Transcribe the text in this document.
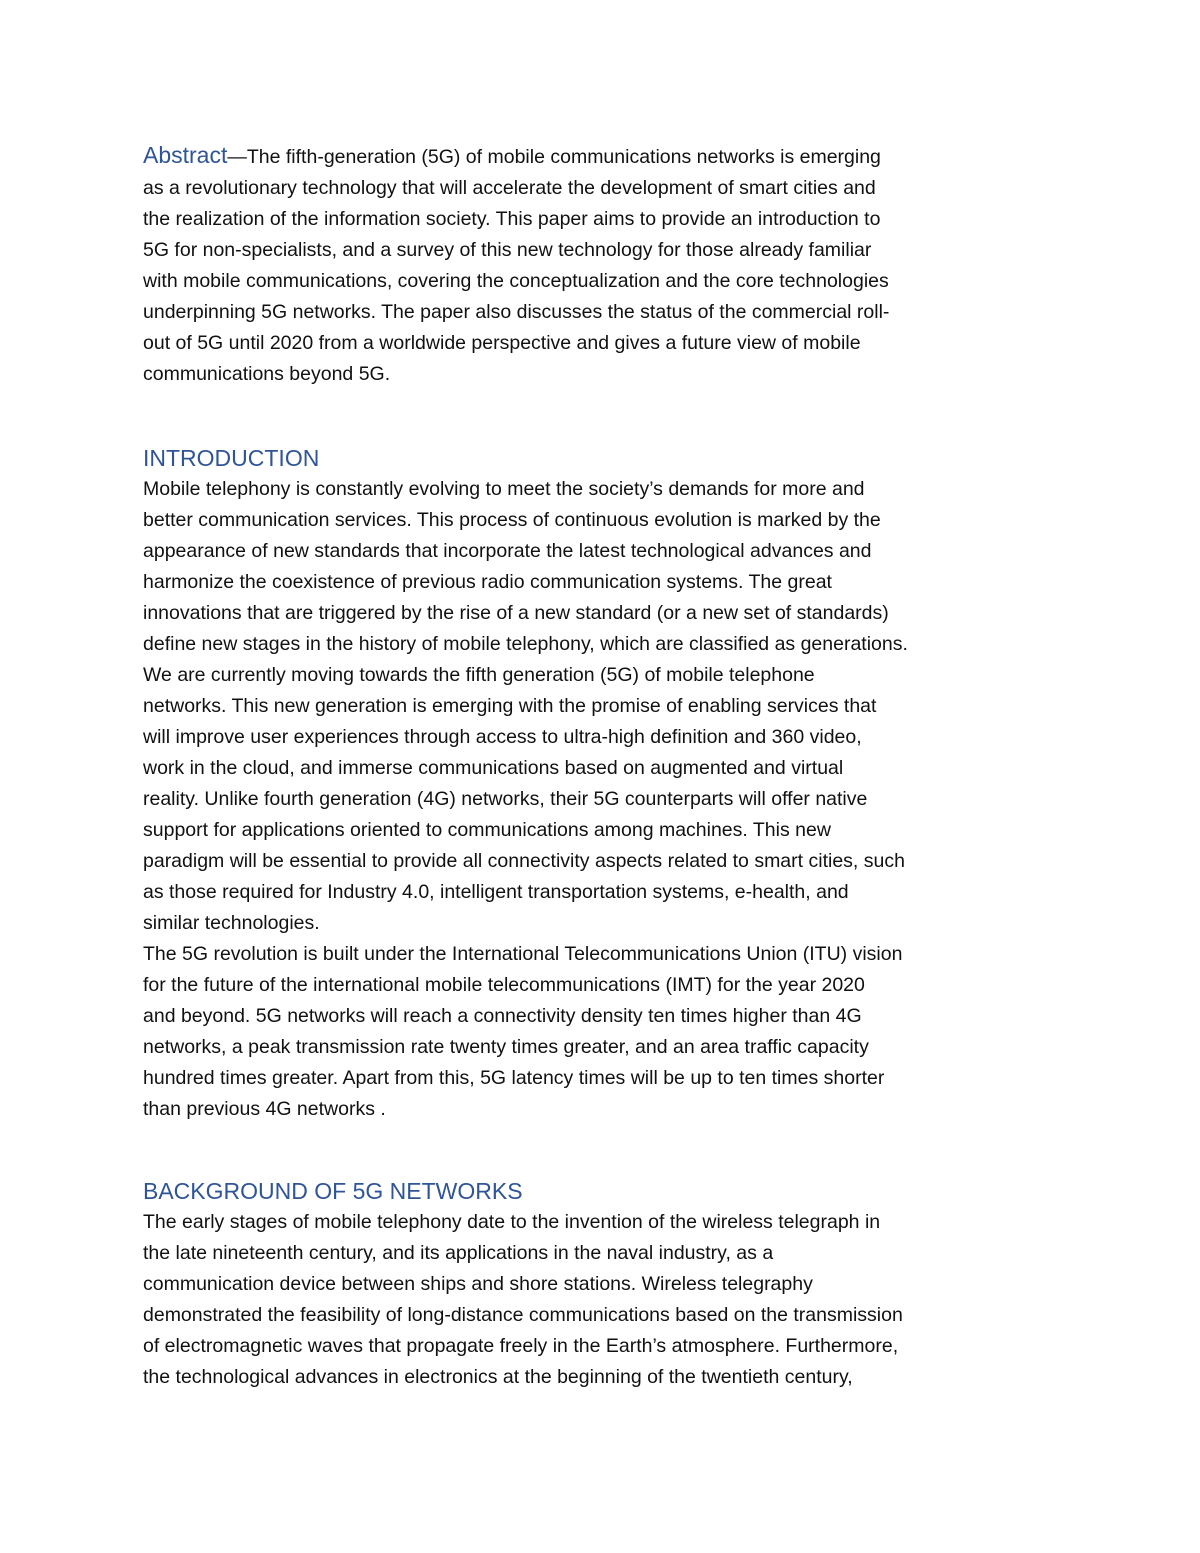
Abstract—The fifth-generation (5G) of mobile communications networks is emerging
as a revolutionary technology that will accelerate the development of smart cities and
the realization of the information society. This paper aims to provide an introduction to
5G for non-specialists, and a survey of this new technology for those already familiar
with mobile communications, covering the conceptualization and the core technologies
underpinning 5G networks. The paper also discusses the status of the commercial roll-
out of 5G until 2020 from a worldwide perspective and gives a future view of mobile
communications beyond 5G.

INTRODUCTION

Mobile telephony is constantly evolving to meet the society’s demands for more and
better communication services. This process of continuous evolution is marked by the
appearance of new standards that incorporate the latest technological advances and
harmonize the coexistence of previous radio communication systems. The great
innovations that are triggered by the rise of a new standard (or a new set of standards)
define new stages in the history of mobile telephony, which are classified as generations.
We are currently moving towards the fifth generation (5G) of mobile telephone
networks. This new generation is emerging with the promise of enabling services that
will improve user experiences through access to ultra-high definition and 360 video,
work in the cloud, and immerse communications based on augmented and virtual
reality. Unlike fourth generation (4G) networks, their 5G counterparts will offer native
support for applications oriented to communications among machines. This new
paradigm will be essential to provide all connectivity aspects related to smart cities, such
as those required for Industry 4.0, intelligent transportation systems, e-health, and
similar technologies.

The 5G revolution is built under the International Telecommunications Union (ITU) vision
for the future of the international mobile telecommunications (IMT) for the year 2020
and beyond. 5G networks will reach a connectivity density ten times higher than 4G
networks, a peak transmission rate twenty times greater, and an area traffic capacity
hundred times greater. Apart from this, 5G latency times will be up to ten times shorter
than previous 4G networks .

BACKGROUND OF 5G NETWORKS

The early stages of mobile telephony date to the invention of the wireless telegraph in
the late nineteenth century, and its applications in the naval industry, as a
communication device between ships and shore stations. Wireless telegraphy
demonstrated the feasibility of long-distance communications based on the transmission
of electromagnetic waves that propagate freely in the Earth’s atmosphere. Furthermore,
the technological advances in electronics at the beginning of the twentieth century,
